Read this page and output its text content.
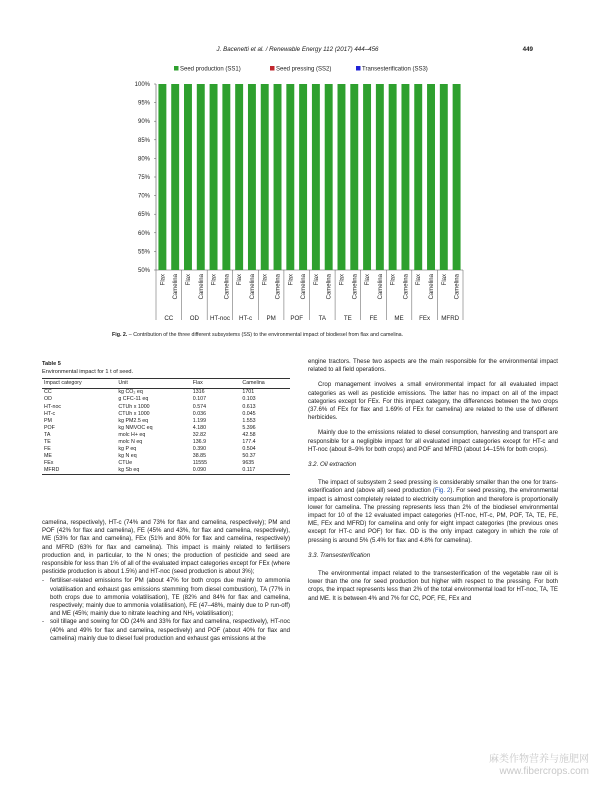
J. Bacenetti et al. / Renewable Energy 112 (2017) 444–456	449
Seed production (SS1)	Seed pressing (SS2)	Transesterification (SS3)
50%
55%
60%
65%
70%
75%
80%
85%
90%
95%
100%
Flax Camelina Flax Camelina Flax Camelina Flax Camelina Flax Camelina Flax Camelina Flax Camelina Flax Camelina Flax Camelina Flax Camelina Flax Camelina Flax Camelina
CC	OD HT-noc HT-c PM POF TA	TE	FE	ME FEx MFRD
Fig. 2. – Contribution of the three different subsystems (SS) to the environmental impact of biodiesel from flax and camelina.
Table 5
Environmental impact for 1 t of seed.
Impact category	Unit	Flax	Camelina
CC	kg CO₂ eq	1316	1701
OD	g CFC-11 eq	0.107	0.103
HT-noc	CTUh x 1000	0.574	0.613
HT-c	CTUh x 1000	0.036	0.045
PM	kg PM2.5 eq	1.199	1.553
POF	kg NMVOC eq	4.180	5.396
TA	molc H+ eq	32.82	42.58
TE	molc N eq	136.9	177.4
FE	kg P eq	0.390	0.504
ME	kg N eq	38.85	50.37
FEx	CTUe	11555	9635
MFRD	kg Sb eq	0.090	0.117

camelina, respectively), HT-c (74% and 73% for flax and camelina, respectively); PM and POF (42% for flax and camelina), FE (45% and 43%, for flax and camelina, respectively), ME (53% for flax and camelina), FEx (51% and 80% for flax and camelina, respectively) and MFRD (63% for flax and camelina). This impact is mainly related to fertilisers production and, in particular, to the N ones; the production of pesticide and seed are responsible for less than 1% of all of the evaluated impact categories except for FEx (where pesticide production is about 1.5%) and HT-noc (seed production is about 3%);

- fertiliser-related emissions for PM (about 47% for both crops due mainly to ammonia volatilisation and exhaust gas emissions stemming from diesel combustion), TA (77% in both crops due to ammonia volatilisation), TE (82% and 84% for flax and camelina, respectively; mainly due to ammonia volatilisation), FE (47–48%, mainly due to P run-off) and ME (45%; mainly due to nitrate leaching and NH₃ volatilisation);
- soil tillage and sowing for OD (24% and 33% for flax and camelina, respectively), HT-noc (40% and 49% for flax and camelina, respectively) and POF (about 40% for flax and camelina) mainly due to diesel fuel production and exhaust gas emissions at the

engine tractors. These two aspects are the main responsible for the environmental impact related to all field operations.

Crop management involves a small environmental impact for all evaluated impact categories as well as pesticide emissions. The latter has no impact on all of the impact categories except for FEx. For this impact category, the differences between the two crops (37.6% of FEx for flax and 1.69% of FEx for camelina) are related to the use of different herbicides.

Mainly due to the emissions related to diesel consumption, harvesting and transport are responsible for a negligible impact for all evaluated impact categories except for HT-c and HT-noc (about 8–9% for both crops) and POF and MFRD (about 14–15% for both crops).

3.2. Oil extraction

The impact of subsystem 2 seed pressing is considerably smaller than the one for trans-esterification and (above all) seed production (Fig. 2). For seed pressing, the environmental impact is almost completely related to electricity consumption and therefore is proportionally lower for camelina. The pressing represents less than 2% of the biodiesel environmental impact for 10 of the 12 evaluated impact categories (HT-noc, HT-c, PM, POF, TA, TE, FE, ME, FEx and MFRD) for camelina and only for eight impact categories (the previous ones except for HT-c and POF) for flax. OD is the only impact category in which the role of pressing is around 5% (5.4% for flax and 4.8% for camelina).

3.3. Transesterification

The environmental impact related to the transesterification of the vegetable raw oil is lower than the one for seed production but higher with respect to the pressing. For both crops, the impact represents less than 2% of the total environmental load for HT-noc, TA, TE and ME. It is between 4% and 7% for CC, POF, FE, FEx and

麻类作物营养与施肥网
www.fibercrops.com
